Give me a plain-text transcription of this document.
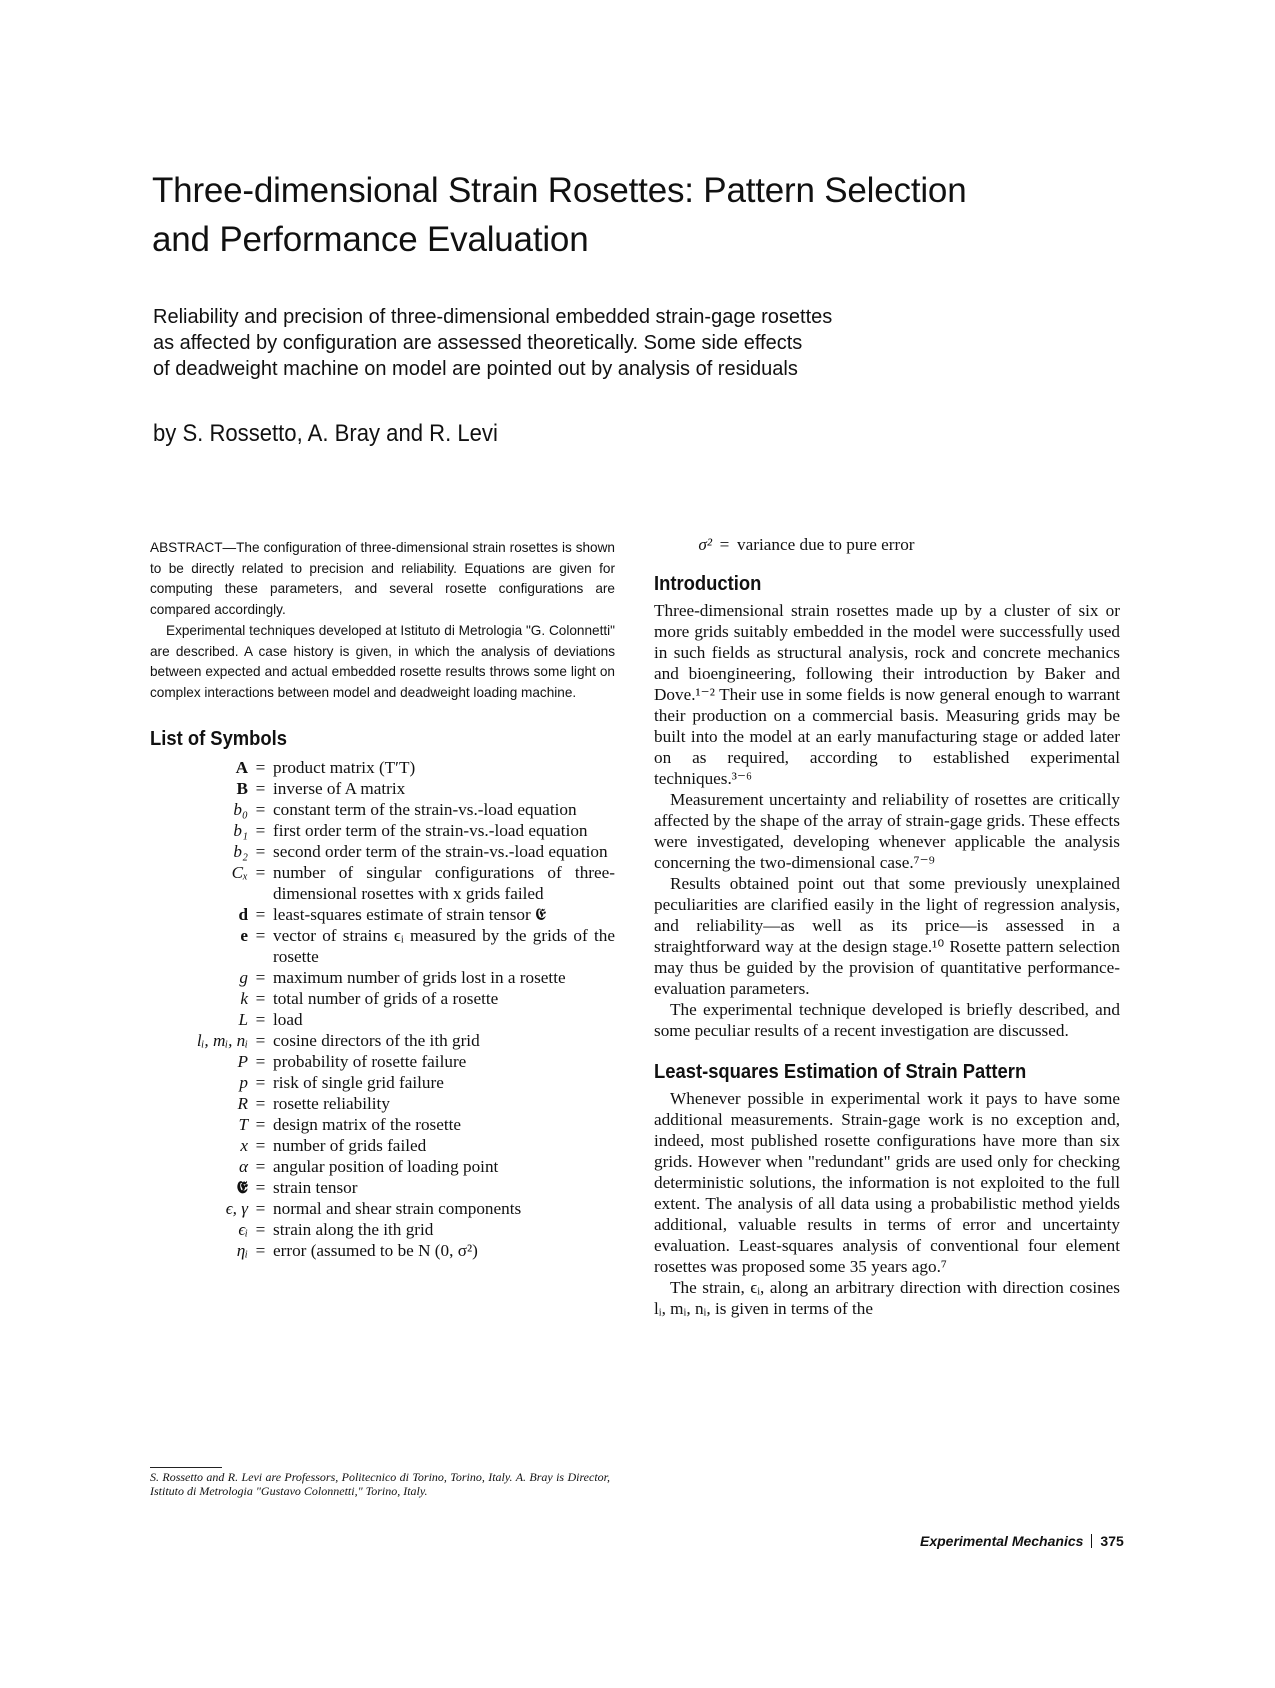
Three-dimensional Strain Rosettes: Pattern Selection
and Performance Evaluation

Reliability and precision of three-dimensional embedded strain-gage rosettes
as affected by configuration are assessed theoretically. Some side effects
of deadweight machine on model are pointed out by analysis of residuals

by S. Rossetto, A. Bray and R. Levi

ABSTRACT—The configuration of three-dimensional strain rosettes is shown to be directly related to precision and reliability. Equations are given for computing these parameters, and several rosette configurations are compared accordingly.

Experimental techniques developed at Istituto di Metrologia "G. Colonnetti" are described. A case history is given, in which the analysis of deviations between expected and actual embedded rosette results throws some light on complex interactions between model and deadweight loading machine.

List of Symbols
A = product matrix (T′T)
B = inverse of A matrix
b₀ = constant term of the strain-vs.-load equation
b₁ = first order term of the strain-vs.-load equation
b₂ = second order term of the strain-vs.-load equation
Cₓ = number of singular configurations of three-dimensional rosettes with x grids failed
d = least-squares estimate of strain tensor 𝕰
e = vector of strains ϵᵢ measured by the grids of the rosette
g = maximum number of grids lost in a rosette
k = total number of grids of a rosette
L = load
lᵢ, mᵢ, nᵢ = cosine directors of the ith grid
P = probability of rosette failure
p = risk of single grid failure
R = rosette reliability
T = design matrix of the rosette
x = number of grids failed
α = angular position of loading point
𝕰 = strain tensor
ϵ, γ = normal and shear strain components
ϵᵢ = strain along the ith grid
ηᵢ = error (assumed to be N (0, σ²)
σ² = variance due to pure error
Introduction

Three-dimensional strain rosettes made up by a cluster of six or more grids suitably embedded in the model were successfully used in such fields as structural analysis, rock and concrete mechanics and bioengineering, following their introduction by Baker and Dove.¹⁻² Their use in some fields is now general enough to warrant their production on a commercial basis. Measuring grids may be built into the model at an early manufacturing stage or added later on as required, according to established experimental techniques.³⁻⁶

Measurement uncertainty and reliability of rosettes are critically affected by the shape of the array of strain-gage grids. These effects were investigated, developing whenever applicable the analysis concerning the two-dimensional case.⁷⁻⁹

Results obtained point out that some previously unexplained peculiarities are clarified easily in the light of regression analysis, and reliability—as well as its price—is assessed in a straightforward way at the design stage.¹⁰ Rosette pattern selection may thus be guided by the provision of quantitative performance-evaluation parameters.

The experimental technique developed is briefly described, and some peculiar results of a recent investigation are discussed.

Least-squares Estimation of Strain Pattern

Whenever possible in experimental work it pays to have some additional measurements. Strain-gage work is no exception and, indeed, most published rosette configurations have more than six grids. However when "redundant" grids are used only for checking deterministic solutions, the information is not exploited to the full extent. The analysis of all data using a probabilistic method yields additional, valuable results in terms of error and uncertainty evaluation. Least-squares analysis of conventional four element rosettes was proposed some 35 years ago.⁷

The strain, ϵᵢ, along an arbitrary direction with direction cosines lᵢ, mᵢ, nᵢ, is given in terms of the

S. Rossetto and R. Levi are Professors, Politecnico di Torino, Torino, Italy. A. Bray is Director, Istituto di Metrologia "Gustavo Colonnetti," Torino, Italy.

Experimental Mechanics 375
